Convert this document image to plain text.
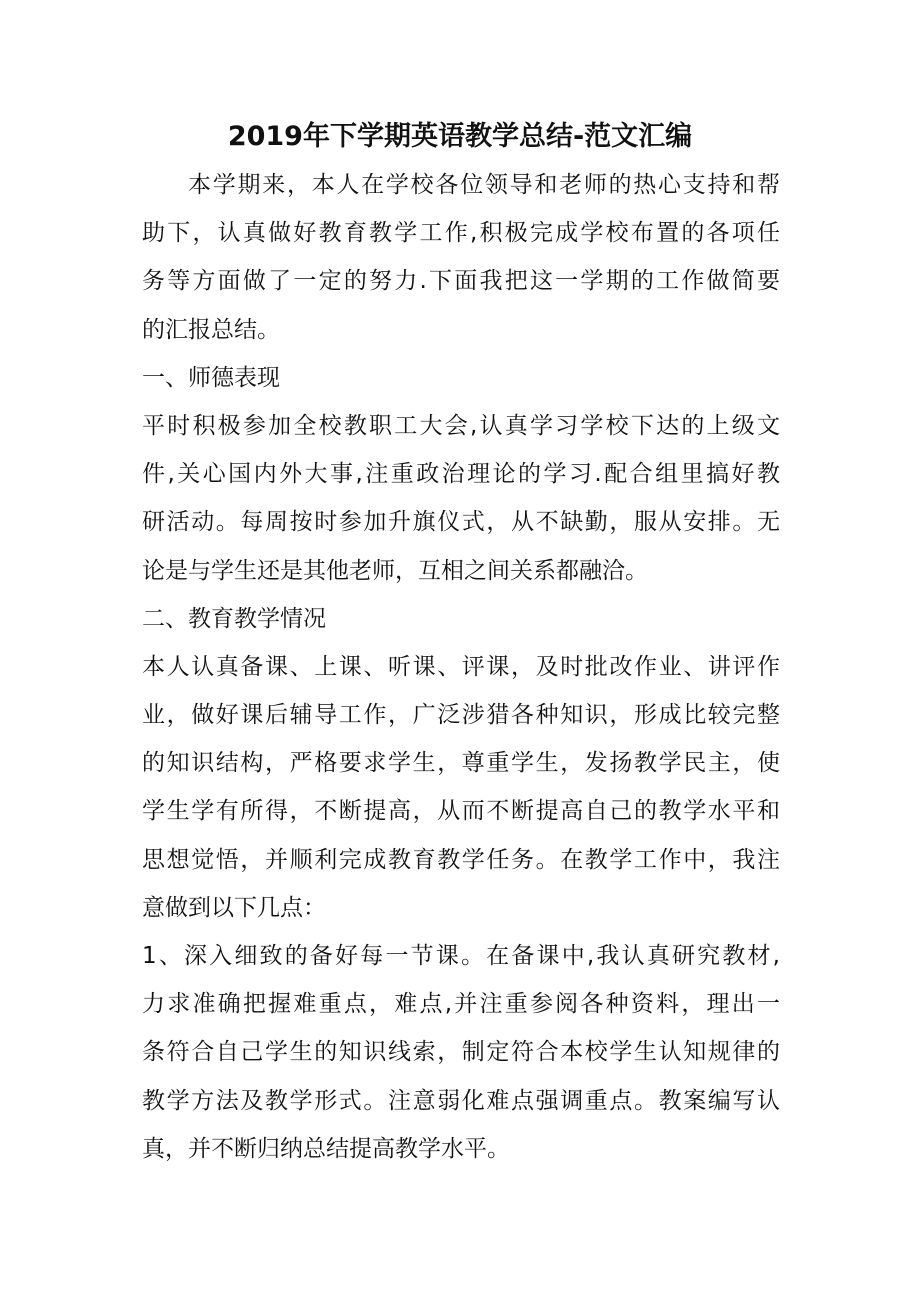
2019年下学期英语教学总结-范文汇编
本学期来，本人在学校各位领导和老师的热心支持和帮
助下，认真做好教育教学工作,积极完成学校布置的各项任
务等方面做了一定的努力.下面我把这一学期的工作做简要
的汇报总结。
一、师德表现
平时积极参加全校教职工大会,认真学习学校下达的上级文
件,关心国内外大事,注重政治理论的学习.配合组里搞好教
研活动。每周按时参加升旗仪式，从不缺勤，服从安排。无
论是与学生还是其他老师，互相之间关系都融洽。
二、教育教学情况
本人认真备课、上课、听课、评课，及时批改作业、讲评作
业，做好课后辅导工作，广泛涉猎各种知识，形成比较完整
的知识结构，严格要求学生，尊重学生，发扬教学民主，使
学生学有所得，不断提高，从而不断提高自己的教学水平和
思想觉悟，并顺利完成教育教学任务。在教学工作中，我注
意做到以下几点：
1、深入细致的备好每一节课。在备课中,我认真研究教材,
力求准确把握难重点，难点,并注重参阅各种资料，理出一
条符合自己学生的知识线索，制定符合本校学生认知规律的
教学方法及教学形式。注意弱化难点强调重点。教案编写认
真，并不断归纳总结提高教学水平。
